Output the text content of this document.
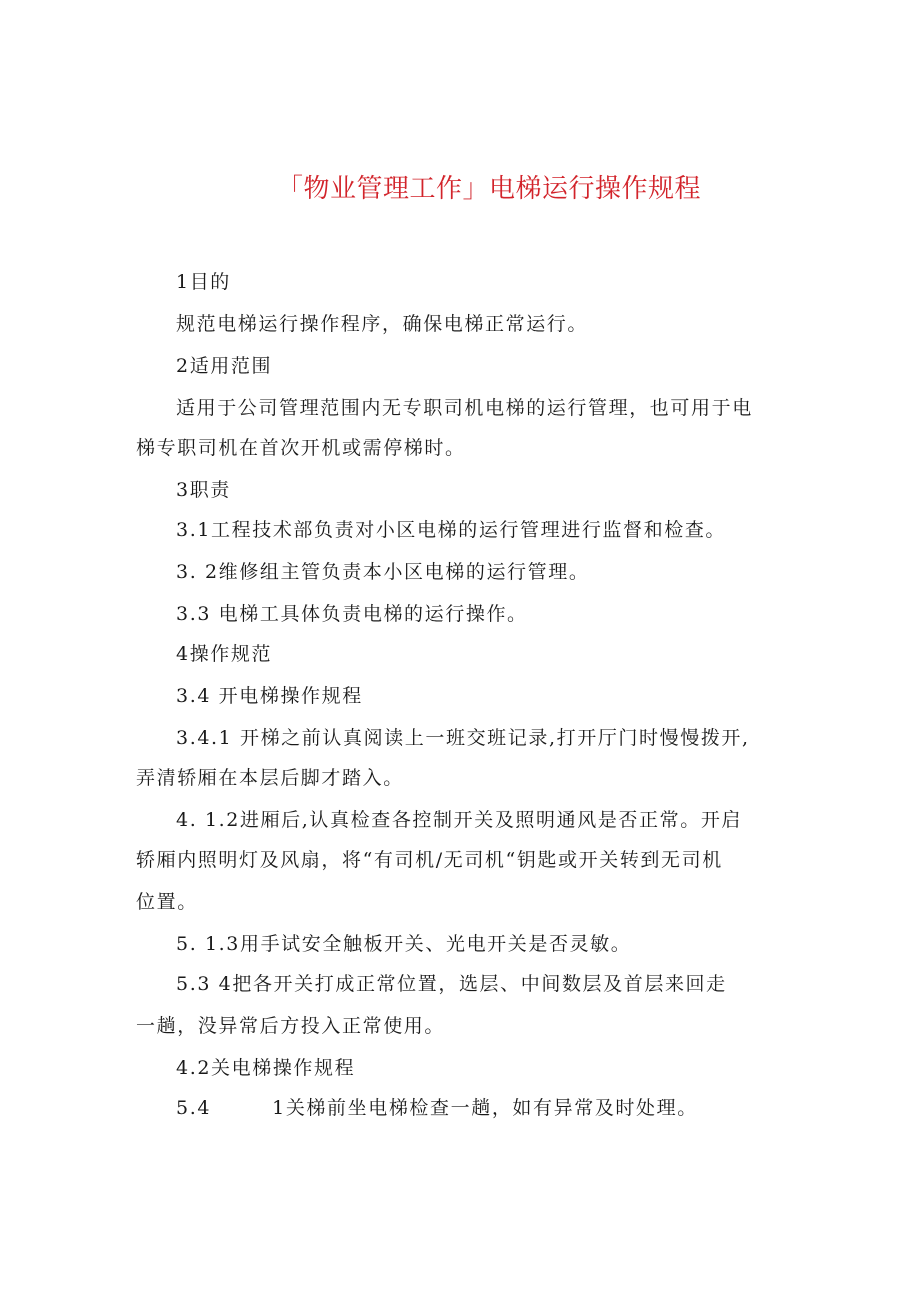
「物业管理工作」电梯运行操作规程
1目的
规范电梯运行操作程序，确保电梯正常运行。
2适用范围
适用于公司管理范围内无专职司机电梯的运行管理，也可用于电
梯专职司机在首次开机或需停梯时。
3职责
3.1工程技术部负责对小区电梯的运行管理进行监督和检查。
3. 2维修组主管负责本小区电梯的运行管理。
3.3 电梯工具体负责电梯的运行操作。
4操作规范
3.4 开电梯操作规程
3.4.1 开梯之前认真阅读上一班交班记录,打开厅门时慢慢拨开,
弄清轿厢在本层后脚才踏入。
4. 1.2进厢后,认真检查各控制开关及照明通风是否正常。开启
轿厢内照明灯及风扇，将“有司机/无司机“钥匙或开关转到无司机
位置。
5. 1.3用手试安全触板开关、光电开关是否灵敏。
5.3 4把各开关打成正常位置，选层、中间数层及首层来回走
一趟，没异常后方投入正常使用。
4.2关电梯操作规程
5.4        1关梯前坐电梯检查一趟，如有异常及时处理。
